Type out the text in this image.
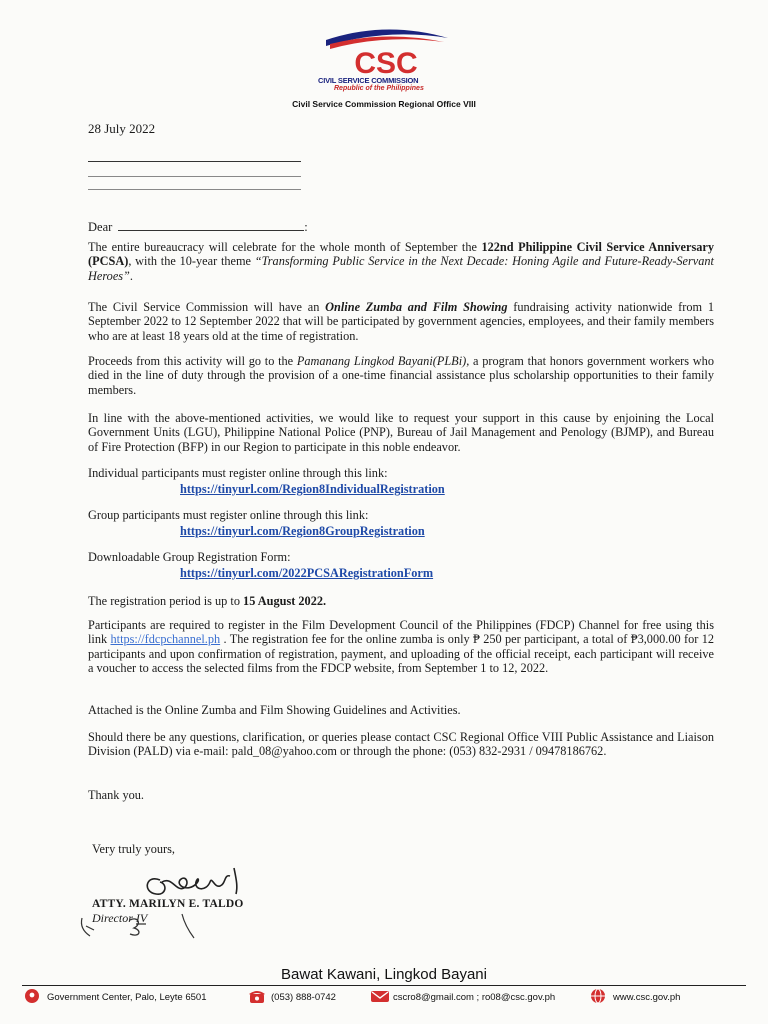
CSC
CIVIL SERVICE COMMISSION
Republic of the Philippines
Civil Service Commission Regional Office VIII
28 July 2022
Dear	:
The entire bureaucracy will celebrate for the whole month of September the 122nd Philippine Civil Service Anniversary (PCSA), with the 10-year theme “Transforming Public Service in the Next Decade: Honing Agile and Future-Ready-Servant Heroes”.
The Civil Service Commission will have an Online Zumba and Film Showing fundraising activity nationwide from 1 September 2022 to 12 September 2022 that will be participated by government agencies, employees, and their family members who are at least 18 years old at the time of registration.
Proceeds from this activity will go to the Pamanang Lingkod Bayani(PLBi), a program that honors government workers who died in the line of duty through the provision of a one-time financial assistance plus scholarship opportunities to their family members.
In line with the above-mentioned activities, we would like to request your support in this cause by enjoining the Local Government Units (LGU), Philippine National Police (PNP), Bureau of Jail Management and Penology (BJMP), and Bureau of Fire Protection (BFP) in our Region to participate in this noble endeavor.
Individual participants must register online through this link:
https://tinyurl.com/Region8IndividualRegistration
Group participants must register online through this link:
https://tinyurl.com/Region8GroupRegistration
Downloadable Group Registration Form:
https://tinyurl.com/2022PCSARegistrationForm
The registration period is up to 15 August 2022.
Participants are required to register in the Film Development Council of the Philippines (FDCP) Channel for free using this link https://fdcpchannel.ph . The registration fee for the online zumba is only ₱ 250 per participant, a total of ₱3,000.00 for 12 participants and upon confirmation of registration, payment, and uploading of the official receipt, each participant will receive a voucher to access the selected films from the FDCP website, from September 1 to 12, 2022.
Attached is the Online Zumba and Film Showing Guidelines and Activities.
Should there be any questions, clarification, or queries please contact CSC Regional Office VIII Public Assistance and Liaison Division (PALD) via e-mail: pald_08@yahoo.com or through the phone: (053) 832-2931 / 09478186762.
Thank you.
Very truly yours,
ATTY. MARILYN E. TALDO
Director IV
Bawat Kawani, Lingkod Bayani
Government Center, Palo, Leyte 6501	(053) 888-0742	cscro8@gmail.com ; ro08@csc.gov.ph	www.csc.gov.ph
